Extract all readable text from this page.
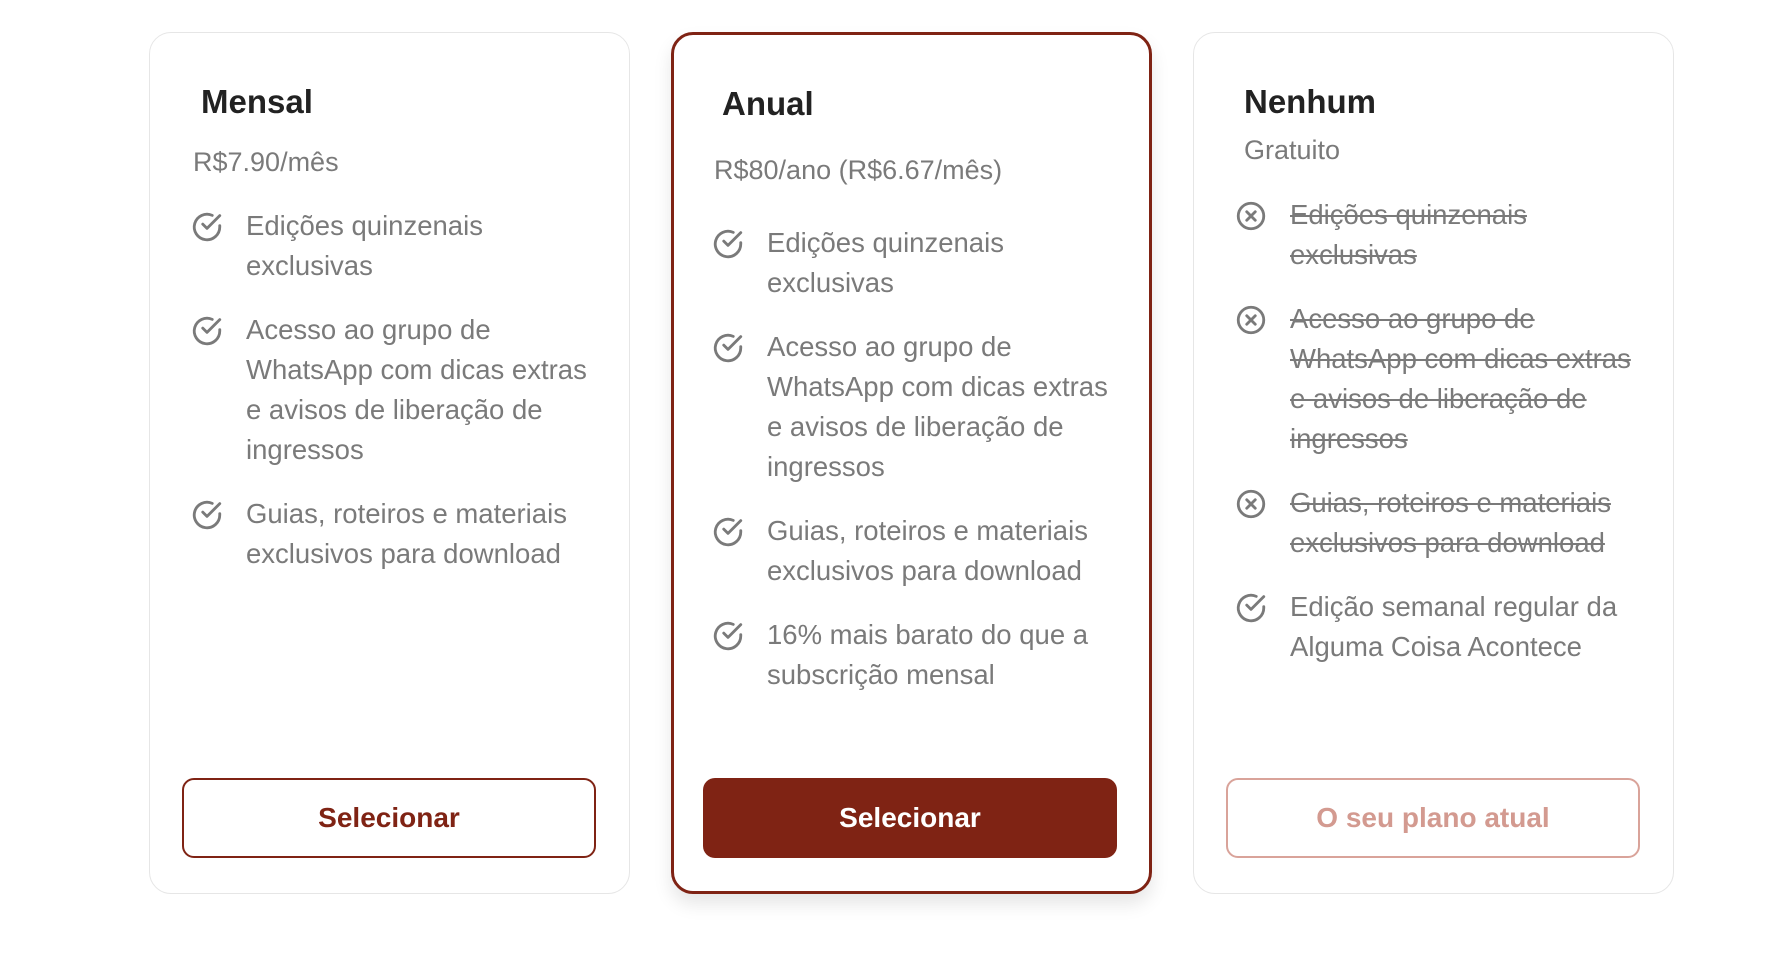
Mensal
R$7.90/mês
Edições quinzenais exclusivas
Acesso ao grupo de WhatsApp com dicas extras e avisos de liberação de ingressos
Guias, roteiros e materiais exclusivos para download
Selecionar
Anual
R$80/ano (R$6.67/mês)
Edições quinzenais exclusivas
Acesso ao grupo de WhatsApp com dicas extras e avisos de liberação de ingressos
Guias, roteiros e materiais exclusivos para download
16% mais barato do que a subscrição mensal
Selecionar
Nenhum
Gratuito
Edições quinzenais exclusivas
Acesso ao grupo de WhatsApp com dicas extras e avisos de liberação de ingressos
Guias, roteiros e materiais exclusivos para download
Edição semanal regular da Alguma Coisa Acontece
O seu plano atual
